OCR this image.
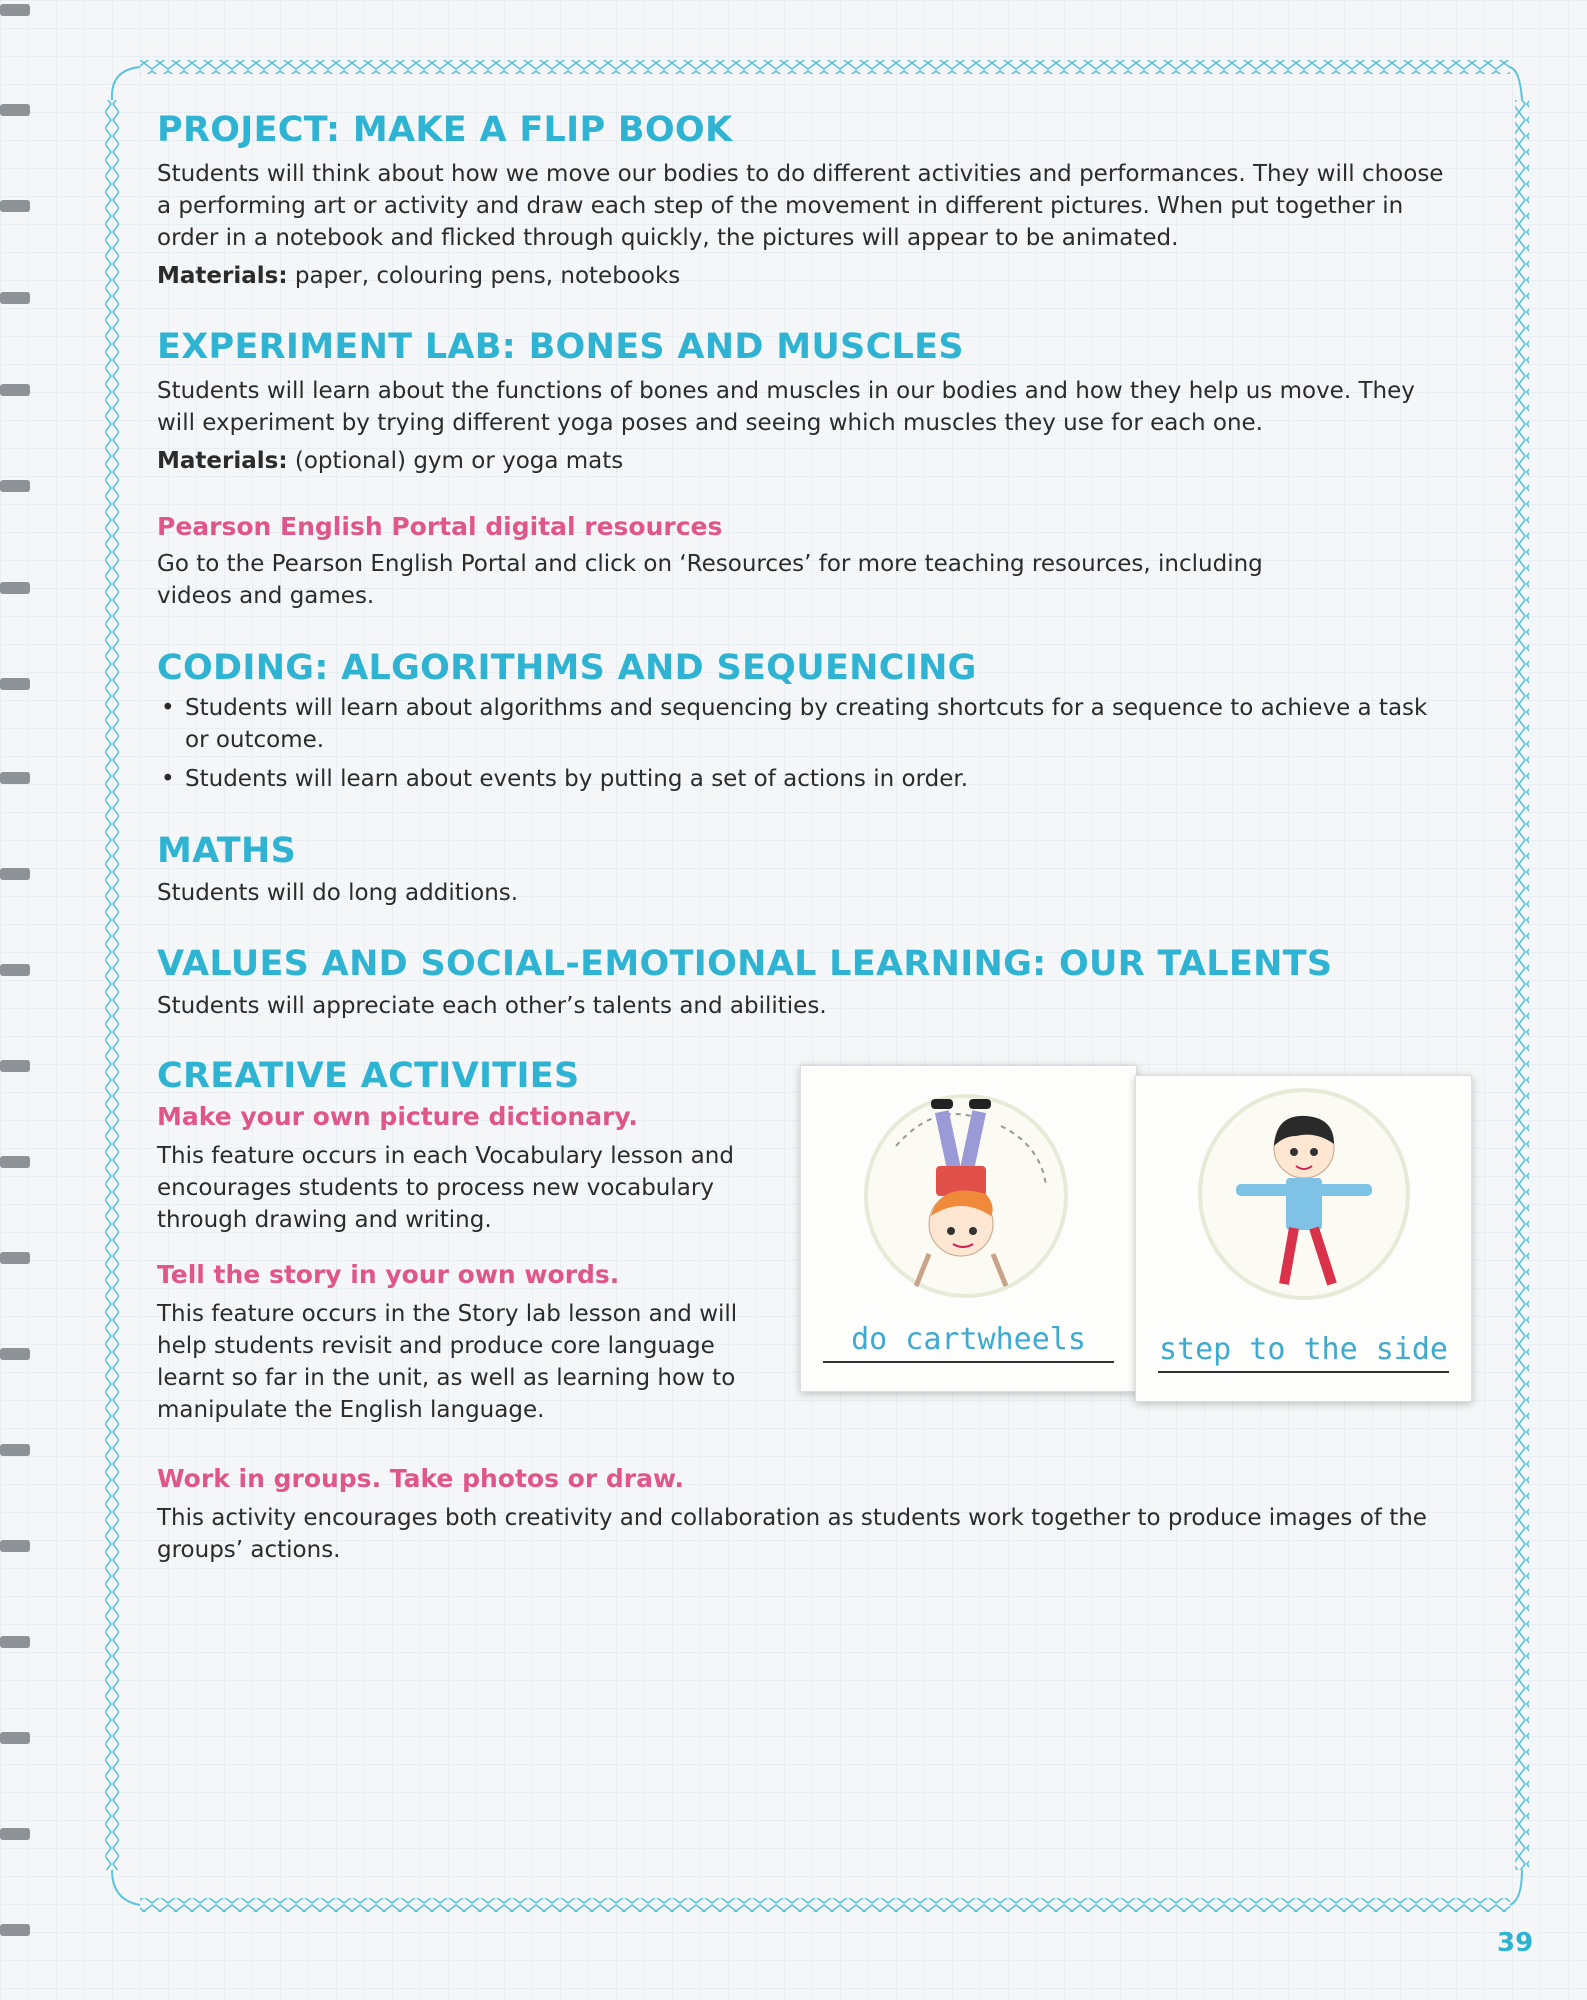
PROJECT: MAKE A FLIP BOOK

Students will think about how we move our bodies to do different activities and performances. They will choose a performing art or activity and draw each step of the movement in different pictures. When put together in order in a notebook and flicked through quickly, the pictures will appear to be animated.

Materials: paper, colouring pens, notebooks

EXPERIMENT LAB: BONES AND MUSCLES

Students will learn about the functions of bones and muscles in our bodies and how they help us move. They will experiment by trying different yoga poses and seeing which muscles they use for each one.

Materials: (optional) gym or yoga mats

Pearson English Portal digital resources

Go to the Pearson English Portal and click on ‘Resources’ for more teaching resources, including videos and games.

CODING: ALGORITHMS AND SEQUENCING
• Students will learn about algorithms and sequencing by creating shortcuts for a sequence to achieve a task or outcome.
• Students will learn about events by putting a set of actions in order.
MATHS

Students will do long additions.

VALUES AND SOCIAL-EMOTIONAL LEARNING: OUR TALENTS

Students will appreciate each other’s talents and abilities.

CREATIVE ACTIVITIES
Make your own picture dictionary.

This feature occurs in each Vocabulary lesson and encourages students to process new vocabulary through drawing and writing.

Tell the story in your own words.

This feature occurs in the Story lab lesson and will help students revisit and produce core language learnt so far in the unit, as well as learning how to manipulate the English language.

Work in groups. Take photos or draw.

This activity encourages both creativity and collaboration as students work together to produce images of the groups’ actions.

do cartwheels	step to the side
39
